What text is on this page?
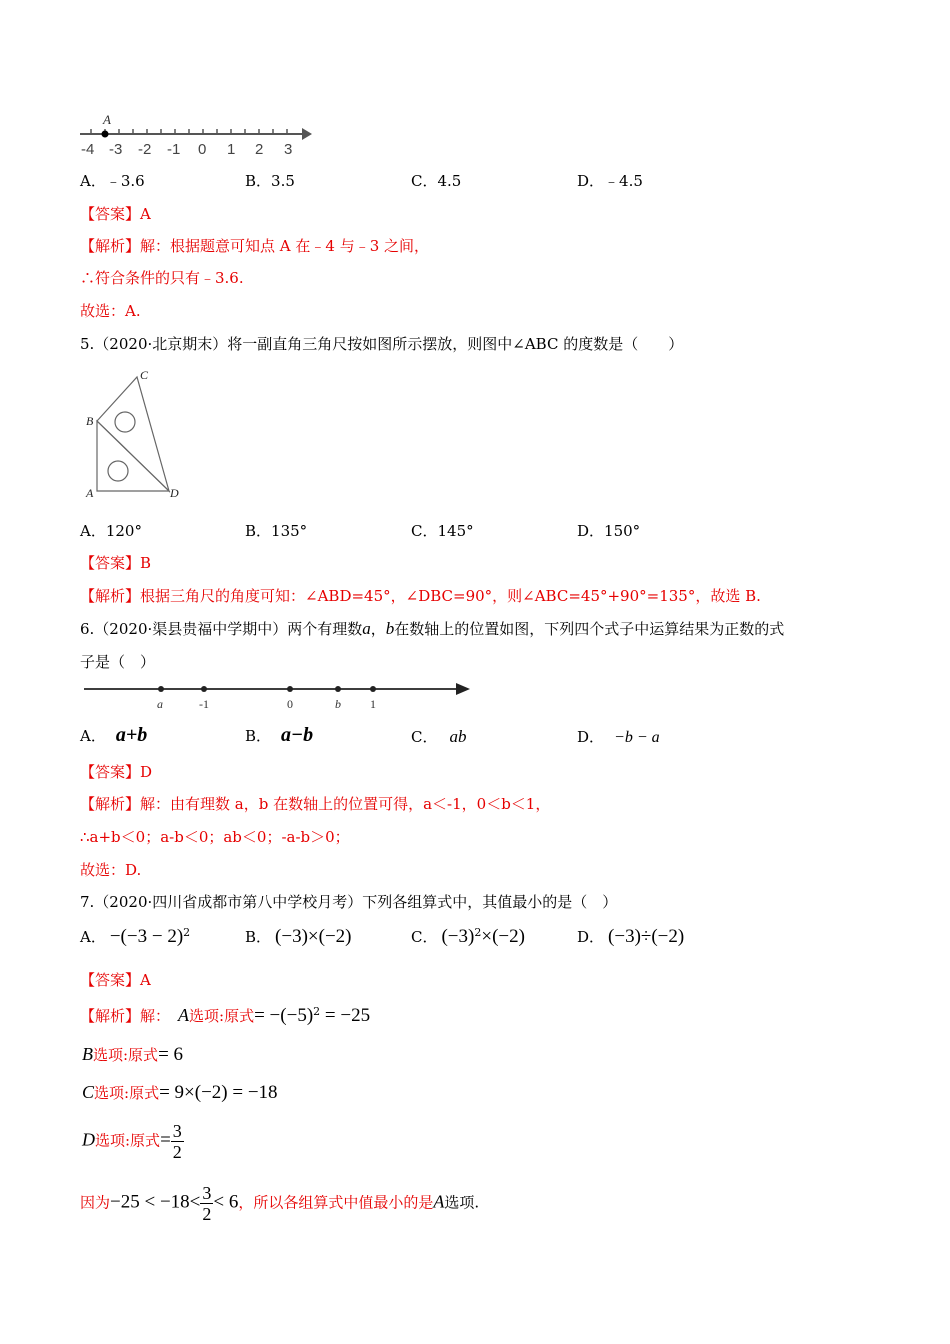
A
-4 -3 -2 -1 0 1 2 3
A．﹣3.6	B．3.5	C．4.5	D．﹣4.5
【答案】A
【解析】解：根据题意可知点 A 在﹣4 与﹣3 之间，
∴符合条件的只有﹣3.6.
故选：A.
5.（2020·北京期末）将一副直角三角尺按如图所示摆放，则图中∠ABC 的度数是（　　）
C
B
A	D
A．120°	B．135°	C．145°	D．150°
【答案】B
【解析】根据三角尺的角度可知：∠ABD=45°，∠DBC=90°，则∠ABC=45°+90°=135°，故选 B.
6.（2020·渠县贵福中学期中）两个有理数a，b在数轴上的位置如图，下列四个式子中运算结果为正数的式
子是（　）
a	-1	0	b 1
A． a+b	B． a−b	C． ab	D． −b − a
【答案】D
【解析】解：由有理数 a，b 在数轴上的位置可得，a＜-1，0＜b＜1，
∴a+b＜0；a-b＜0；ab＜0；-a-b＞0；
故选：D.
7.（2020·四川省成都市第八中学校月考）下列各组算式中，其值最小的是（　）
A． $-(-3 - 2)^2$	B． (−3)×(−2)	C． $(-3)^2\times(-2)$	D． (−3)÷(−2)
【答案】A
【解析】解： A选项:原式= $-(-5)^2 = -25$
B选项:原式= 6
C选项:原式= 9×(−2) = −18
D选项:原式= $\frac{3}{2}$
因为$-25 < -18< \frac{3}{2} < 6$，所以各组算式中值最小的是A选项.
